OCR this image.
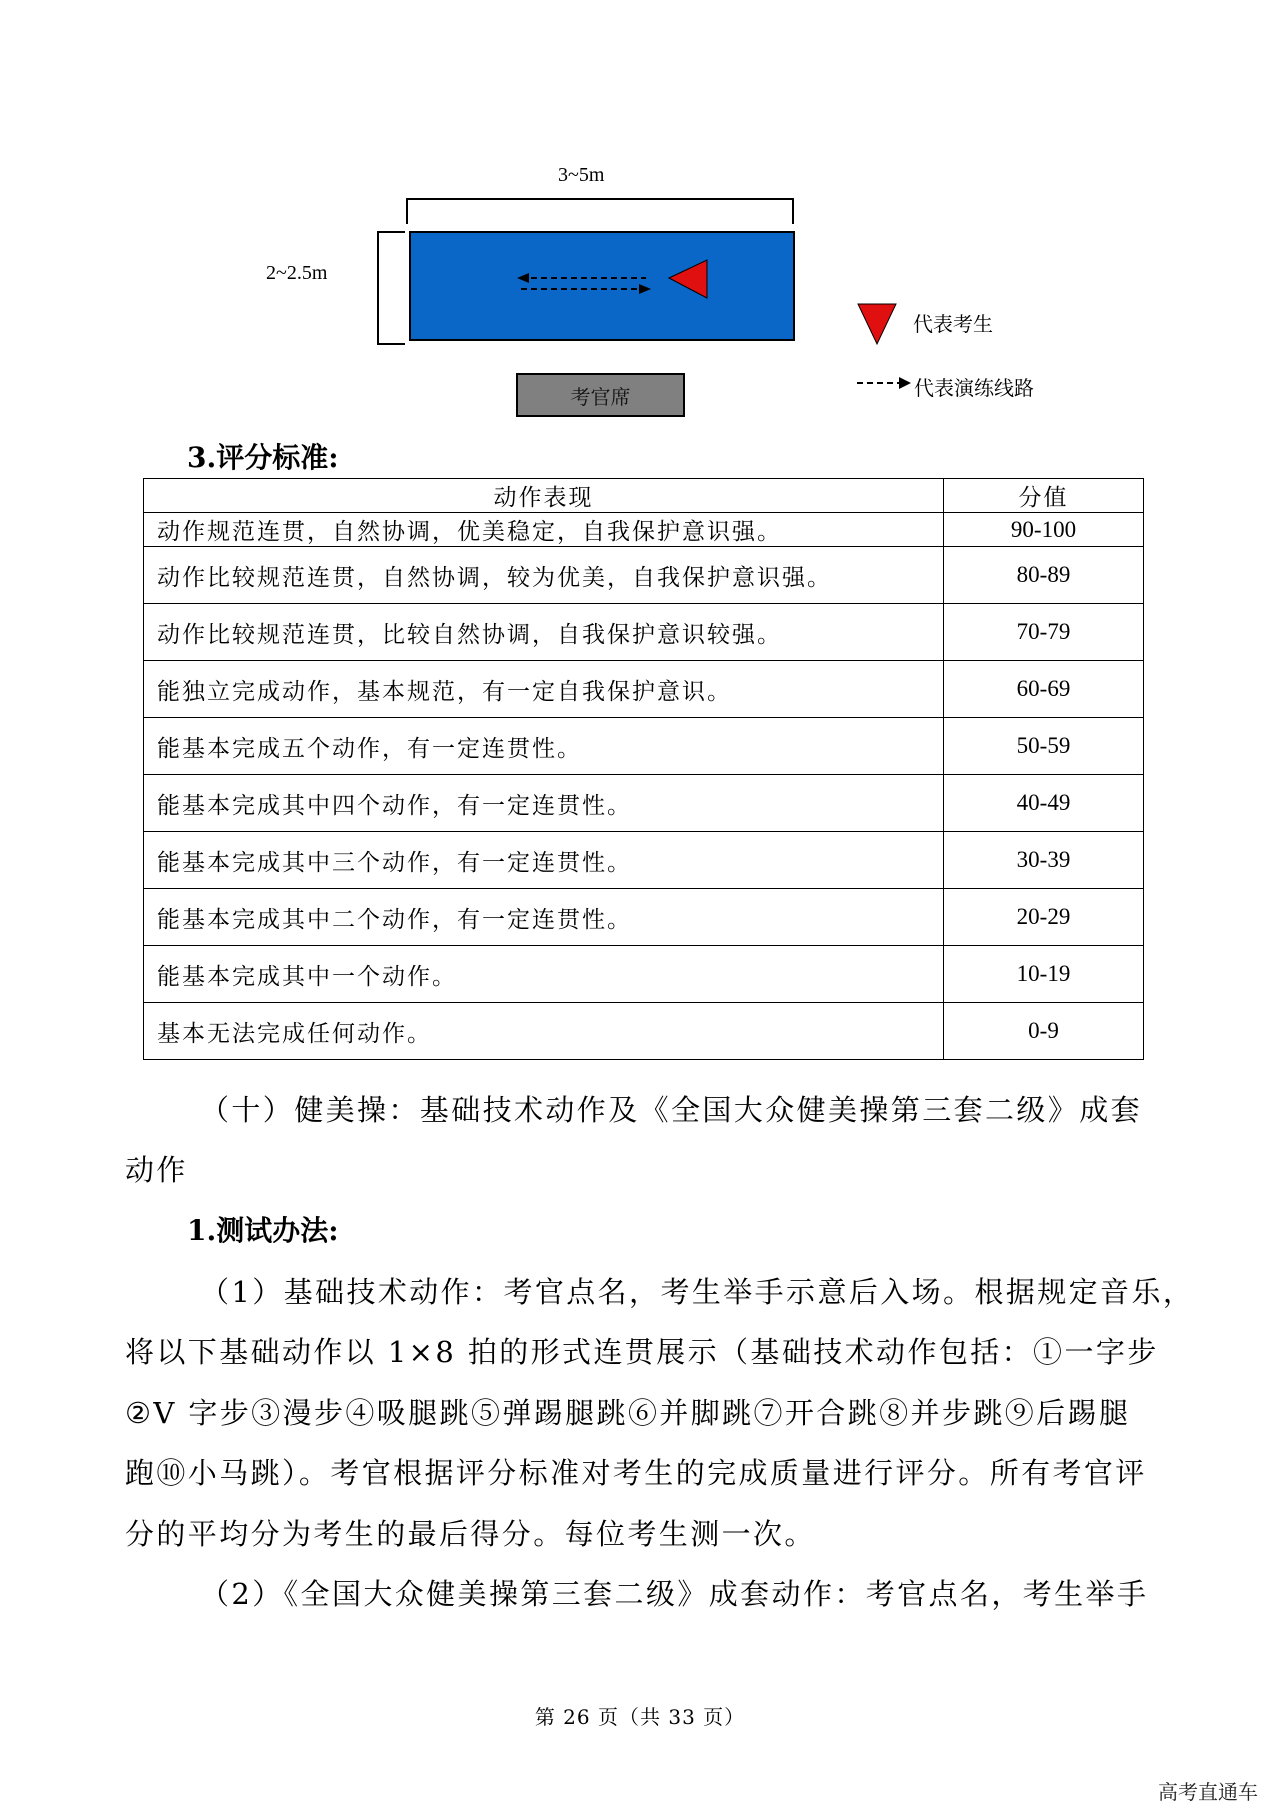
3~5m
2~2.5m
考官席
代表考生
代表演练线路
3.评分标准:
动作表现	分值
动作规范连贯，自然协调，优美稳定，自我保护意识强。	90-100
动作比较规范连贯，自然协调，较为优美，自我保护意识强。	80-89
动作比较规范连贯，比较自然协调，自我保护意识较强。	70-79
能独立完成动作，基本规范，有一定自我保护意识。	60-69
能基本完成五个动作，有一定连贯性。	50-59
能基本完成其中四个动作，有一定连贯性。	40-49
能基本完成其中三个动作，有一定连贯性。	30-39
能基本完成其中二个动作，有一定连贯性。	20-29
能基本完成其中一个动作。	10-19
基本无法完成任何动作。	0-9
（十）健美操：基础技术动作及《全国大众健美操第三套二级》成套
动作
1.测试办法:
（1）基础技术动作：考官点名，考生举手示意后入场。根据规定音乐，
将以下基础动作以 1×8 拍的形式连贯展示（基础技术动作包括：①一字步
②V 字步③漫步④吸腿跳⑤弹踢腿跳⑥并脚跳⑦开合跳⑧并步跳⑨后踢腿
跑⑩小马跳）。考官根据评分标准对考生的完成质量进行评分。所有考官评
分的平均分为考生的最后得分。每位考生测一次。
（2）《全国大众健美操第三套二级》成套动作：考官点名，考生举手
第 26 页（共 33 页）
高考直通车
